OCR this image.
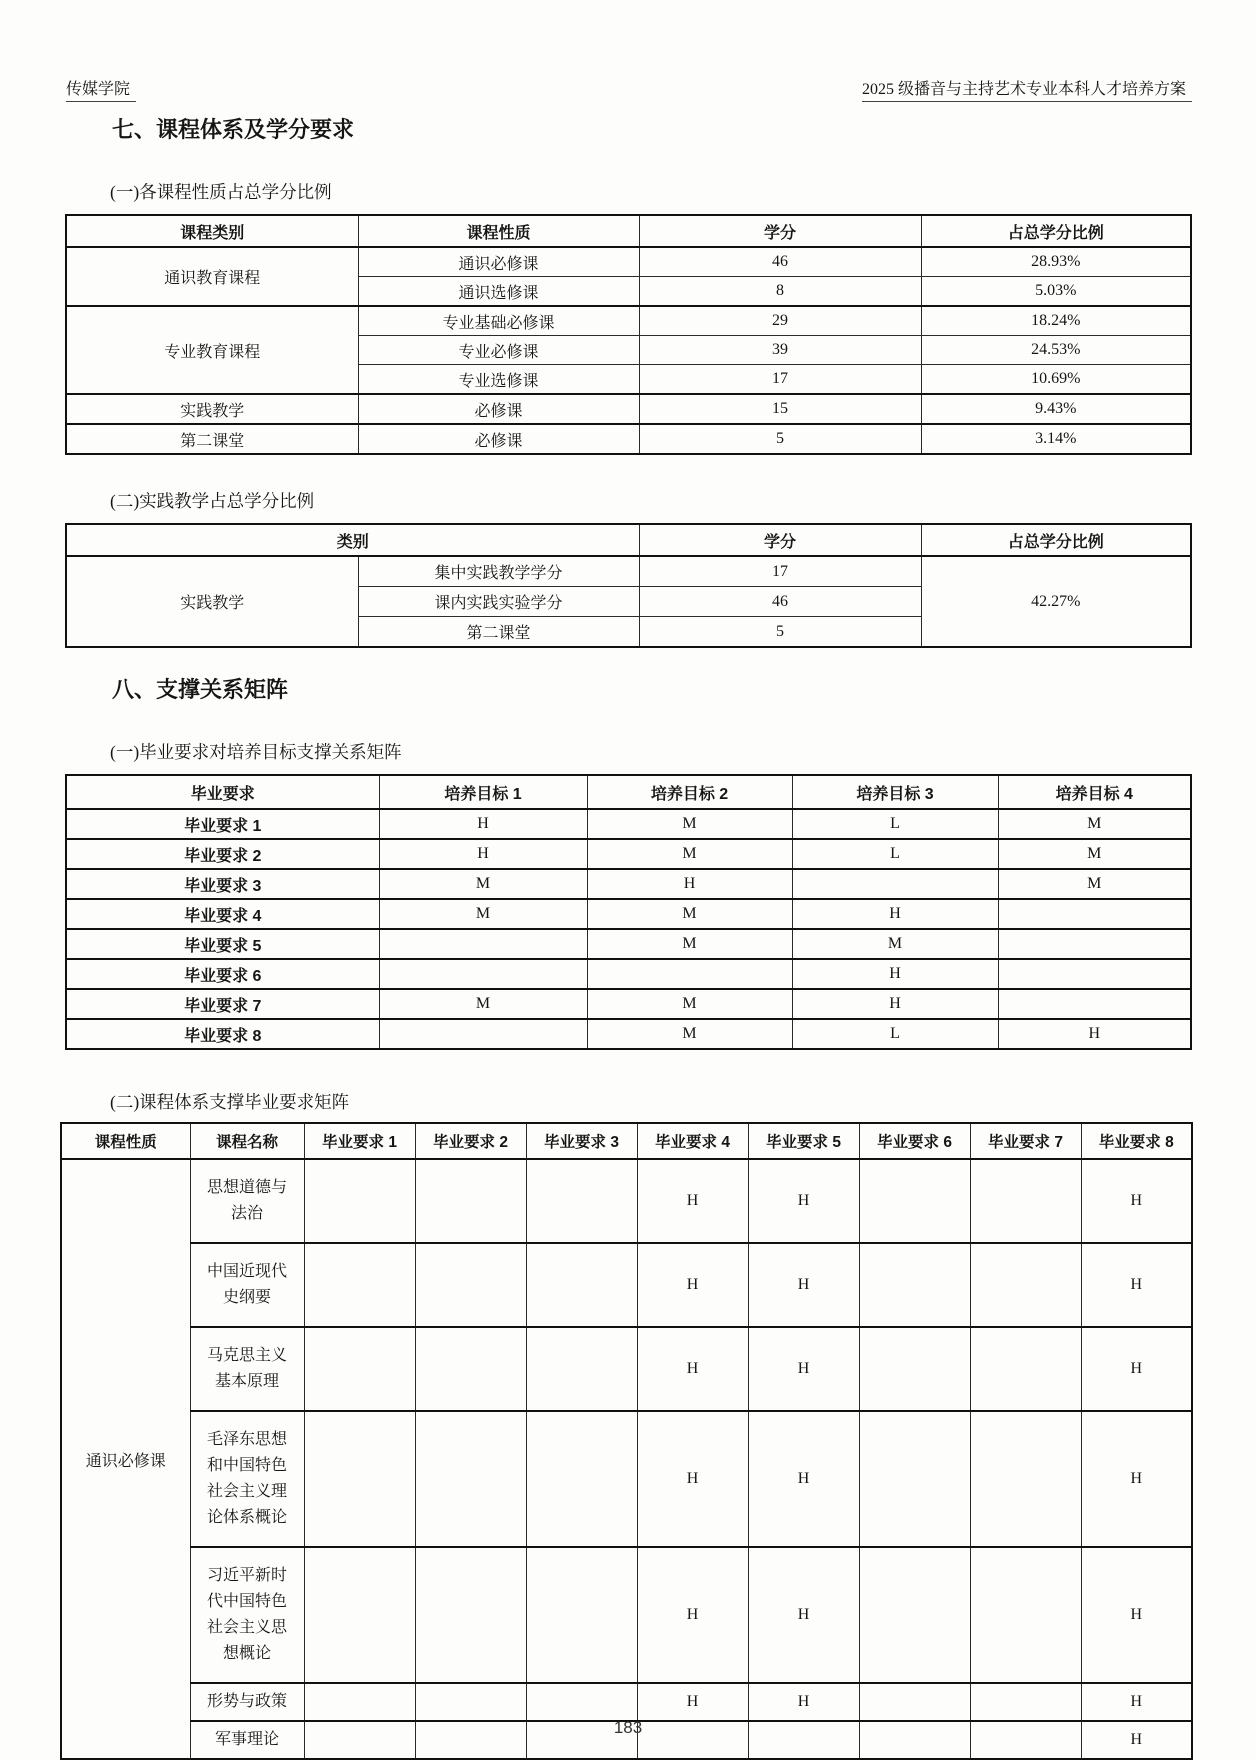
传媒学院	2025 级播音与主持艺术专业本科人才培养方案
七、课程体系及学分要求
(一)各课程性质占总学分比例
课程类别	课程性质	学分	占总学分比例
通识教育课程	通识必修课	46	28.93%
	通识选修课	8	5.03%
专业教育课程	专业基础必修课	29	18.24%
	专业必修课	39	24.53%
	专业选修课	17	10.69%
实践教学	必修课	15	9.43%
第二课堂	必修课	5	3.14%
(二)实践教学占总学分比例
类别		学分	占总学分比例
实践教学	集中实践教学学分	17	42.27%
	课内实践实验学分	46	
	第二课堂	5	
八、支撑关系矩阵
(一)毕业要求对培养目标支撑关系矩阵
毕业要求	培养目标 1	培养目标 2	培养目标 3	培养目标 4
毕业要求 1	H	M	L	M
毕业要求 2	H	M	L	M
毕业要求 3	M	H		M
毕业要求 4	M	M	H	
毕业要求 5		M	M	
毕业要求 6			H	
毕业要求 7	M	M	H	
毕业要求 8		M	L	H
(二)课程体系支撑毕业要求矩阵
课程性质	课程名称	毕业要求 1	毕业要求 2	毕业要求 3	毕业要求 4	毕业要求 5	毕业要求 6	毕业要求 7	毕业要求 8
通识必修课	思想道德与法治				H	H			H
	中国近现代史纲要				H	H			H
	马克思主义基本原理				H	H			H
	毛泽东思想和中国特色社会主义理论体系概论				H	H			H
	习近平新时代中国特色社会主义思想概论				H	H			H
	形势与政策				H	H			H
	军事理论								H
183
